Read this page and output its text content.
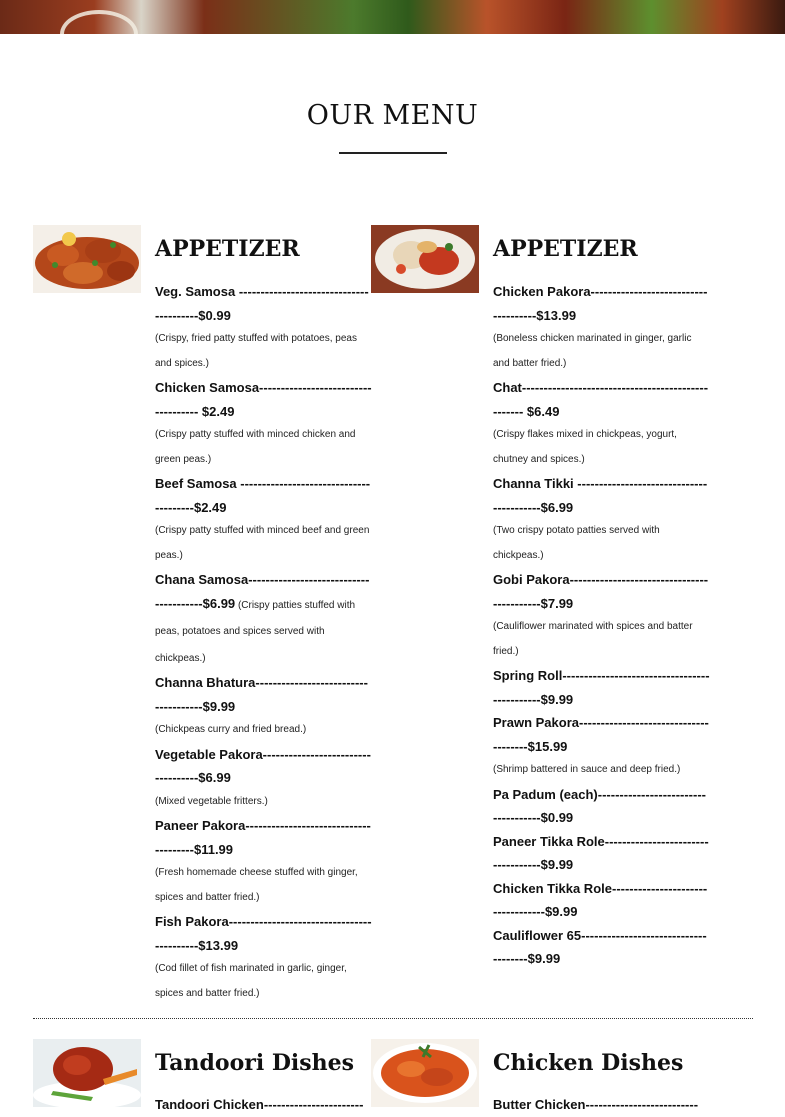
OUR MENU
APPETIZER
Veg. Samosa ----------------------------------------$0.99
(Crispy, fried patty stuffed with potatoes, peas and spices.)
Chicken Samosa------------------------------------ $2.49
(Crispy patty stuffed with minced chicken and green peas.)
Beef Samosa ---------------------------------------$2.49
(Crispy patty stuffed with minced beef and green peas.)
Chana Samosa---------------------------------------$6.99 (Crispy patties stuffed with peas, potatoes and spices served with chickpeas.)
Channa Bhatura-------------------------------------$9.99
(Chickpeas curry and fried bread.)
Vegetable Pakora-----------------------------------$6.99
(Mixed vegetable fritters.)
Paneer Pakora--------------------------------------$11.99
(Fresh homemade cheese stuffed with ginger, spices and batter fried.)
Fish Pakora-------------------------------------------$13.99
(Cod fillet of fish marinated in garlic, ginger, spices and batter fried.)
APPETIZER
Chicken Pakora-------------------------------------$13.99
(Boneless chicken marinated in ginger, garlic and batter fried.)
Chat-------------------------------------------------- $6.49
(Crispy flakes mixed in chickpeas, yogurt, chutney and spices.)
Channa Tikki -----------------------------------------$6.99
(Two crispy potato patties served with chickpeas.)
Gobi Pakora-------------------------------------------$7.99
(Cauliflower marinated with spices and batter fried.)
Spring Roll---------------------------------------------$9.99
Prawn Pakora--------------------------------------$15.99
(Shrimp battered in sauce and deep fried.)
Pa Padum (each)------------------------------------$0.99
Paneer Tikka Role-----------------------------------$9.99
Chicken Tikka Role----------------------------------$9.99
Cauliflower 65-------------------------------------$9.99
Tandoori Dishes
Tandoori Chicken-----------------------
Chicken Dishes
Butter Chicken--------------------------
